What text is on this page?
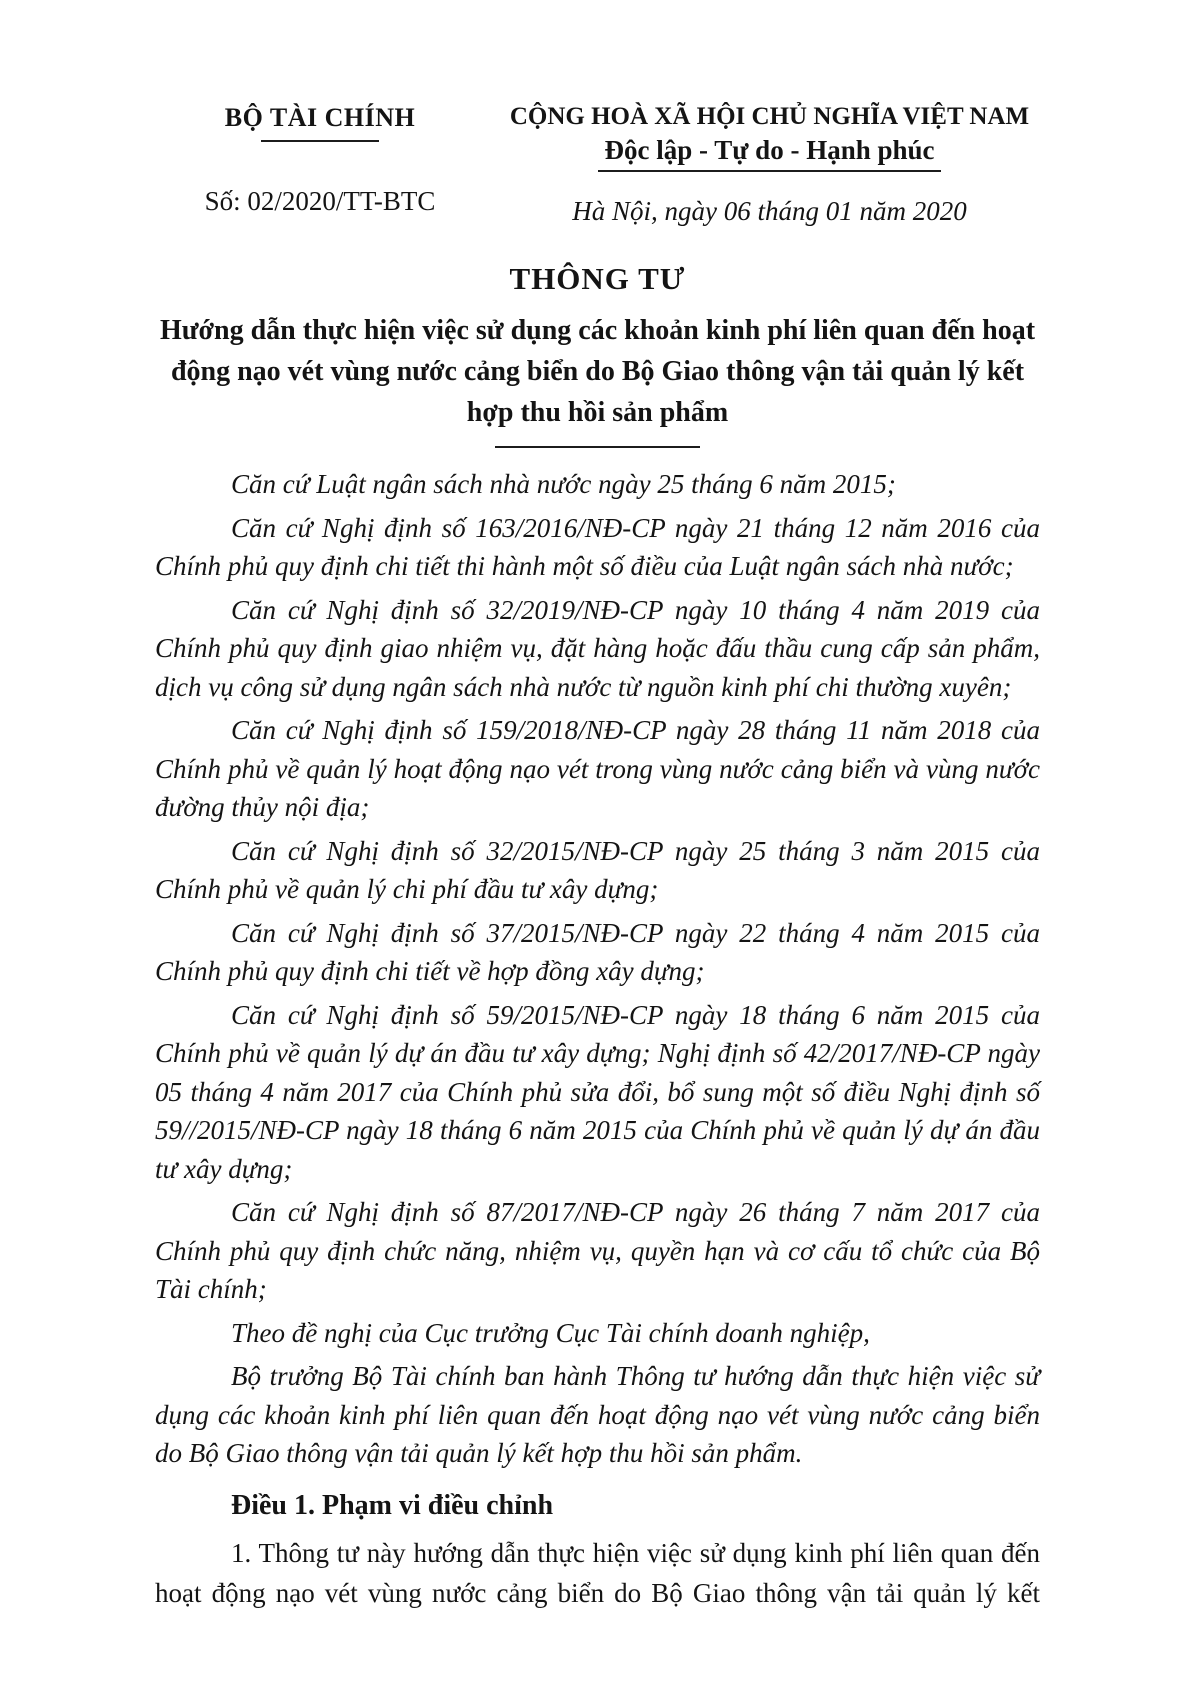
BỘ TÀI CHÍNH
Số: 02/2020/TT-BTC
CỘNG HOÀ XÃ HỘI CHỦ NGHĨA VIỆT NAM
Độc lập - Tự do - Hạnh phúc
Hà Nội, ngày 06 tháng 01 năm 2020
THÔNG TƯ
Hướng dẫn thực hiện việc sử dụng các khoản kinh phí liên quan đến hoạt động nạo vét vùng nước cảng biển do Bộ Giao thông vận tải quản lý kết hợp thu hồi sản phẩm

Căn cứ Luật ngân sách nhà nước ngày 25 tháng 6 năm 2015;

Căn cứ Nghị định số 163/2016/NĐ-CP ngày 21 tháng 12 năm 2016 của Chính phủ quy định chi tiết thi hành một số điều của Luật ngân sách nhà nước;

Căn cứ Nghị định số 32/2019/NĐ-CP ngày 10 tháng 4 năm 2019 của Chính phủ quy định giao nhiệm vụ, đặt hàng hoặc đấu thầu cung cấp sản phẩm, dịch vụ công sử dụng ngân sách nhà nước từ nguồn kinh phí chi thường xuyên;

Căn cứ Nghị định số 159/2018/NĐ-CP ngày 28 tháng 11 năm 2018 của Chính phủ về quản lý hoạt động nạo vét trong vùng nước cảng biển và vùng nước đường thủy nội địa;

Căn cứ Nghị định số 32/2015/NĐ-CP ngày 25 tháng 3 năm 2015 của Chính phủ về quản lý chi phí đầu tư xây dựng;

Căn cứ Nghị định số 37/2015/NĐ-CP ngày 22 tháng 4 năm 2015 của Chính phủ quy định chi tiết về hợp đồng xây dựng;

Căn cứ Nghị định số 59/2015/NĐ-CP ngày 18 tháng 6 năm 2015 của Chính phủ về quản lý dự án đầu tư xây dựng; Nghị định số 42/2017/NĐ-CP ngày 05 tháng 4 năm 2017 của Chính phủ sửa đổi, bổ sung một số điều Nghị định số 59//2015/NĐ-CP ngày 18 tháng 6 năm 2015 của Chính phủ về quản lý dự án đầu tư xây dựng;

Căn cứ Nghị định số 87/2017/NĐ-CP ngày 26 tháng 7 năm 2017 của Chính phủ quy định chức năng, nhiệm vụ, quyền hạn và cơ cấu tổ chức của Bộ Tài chính;

Theo đề nghị của Cục trưởng Cục Tài chính doanh nghiệp,

Bộ trưởng Bộ Tài chính ban hành Thông tư hướng dẫn thực hiện việc sử dụng các khoản kinh phí liên quan đến hoạt động nạo vét vùng nước cảng biển do Bộ Giao thông vận tải quản lý kết hợp thu hồi sản phẩm.

Điều 1. Phạm vi điều chỉnh

1. Thông tư này hướng dẫn thực hiện việc sử dụng kinh phí liên quan đến hoạt động nạo vét vùng nước cảng biển do Bộ Giao thông vận tải quản lý kết
